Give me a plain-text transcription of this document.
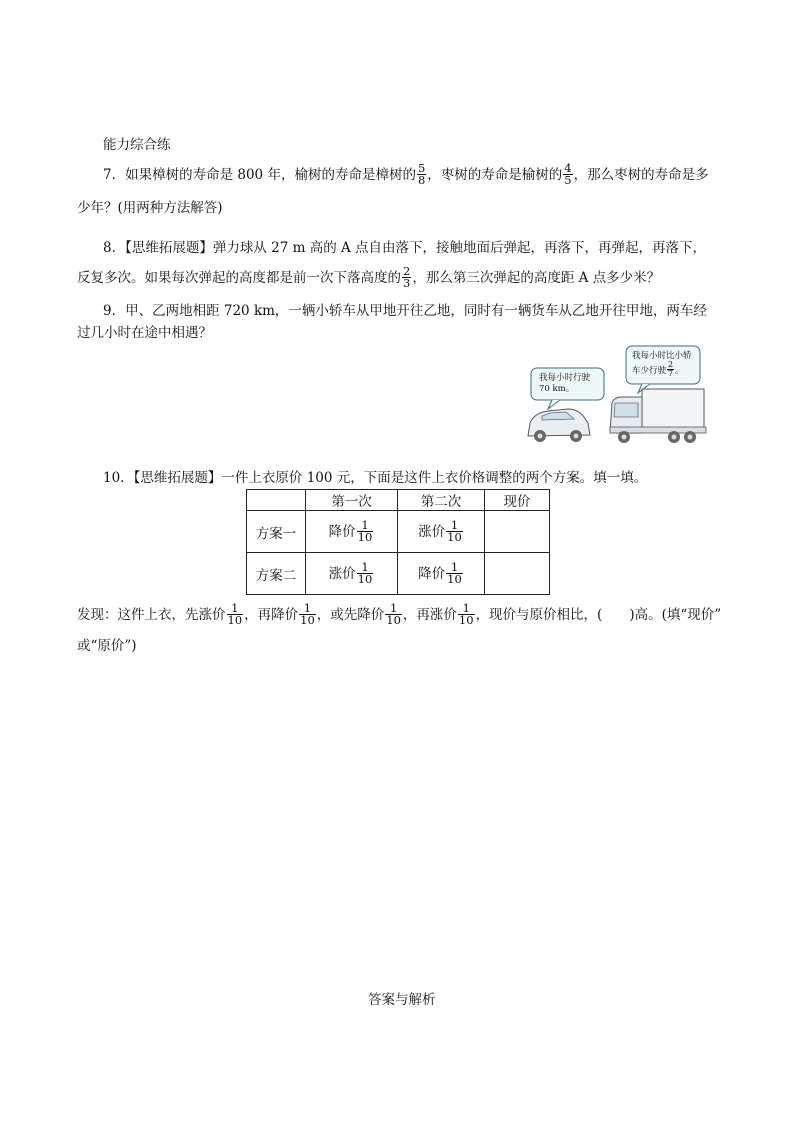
能力综合练
7．如果樟树的寿命是 800 年，榆树的寿命是樟树的 $\frac{5}{8}$ ，枣树的寿命是榆树的 $\frac{4}{5}$ ，那么枣树的寿命是多
少年？(用两种方法解答)
8．【思维拓展题】弹力球从 27 m 高的 A 点自由落下，接触地面后弹起，再落下，再弹起，再落下，
反复多次。如果每次弹起的高度都是前一次下落高度的 $\frac{2}{3}$ ，那么第三次弹起的高度距 A 点多少米？
9．甲、乙两地相距 720 km，一辆小轿车从甲地开往乙地，同时有一辆货车从乙地开往甲地，两车经
过几小时在途中相遇？
我每小时行驶
70 km。
我每小时比小轿
车少行驶 $\frac{2}{7}$ 。
10．【思维拓展题】一件上衣原价 100 元，下面是这件上衣价格调整的两个方案。填一填。
	第一次	第二次	现价
方案一	降价 $\frac{1}{10}$	涨价 $\frac{1}{10}$

方案二	涨价 $\frac{1}{10}$	降价 $\frac{1}{10}$

发现：这件上衣，先涨价 $\frac{1}{10}$ ，再降价 $\frac{1}{10}$ ，或先降价 $\frac{1}{10}$ ，再涨价 $\frac{1}{10}$ ，现价与原价相比，(　　)高。(填“现价”
或“原价”)
答案与解析
